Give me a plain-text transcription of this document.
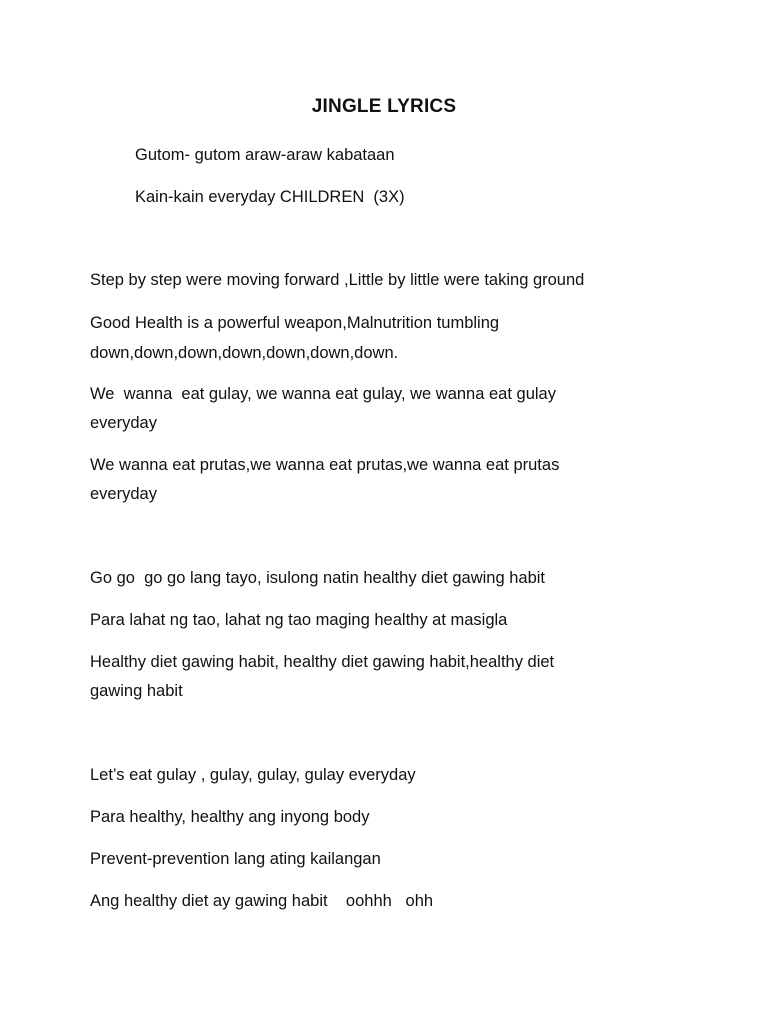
JINGLE LYRICS
Gutom- gutom araw-araw kabataan
Kain-kain everyday CHILDREN  (3X)
Step by step were moving forward ,Little by little were taking ground
Good Health is a powerful weapon,Malnutrition tumbling
down,down,down,down,down,down,down.
We  wanna  eat gulay, we wanna eat gulay, we wanna eat gulay
everyday
We wanna eat prutas,we wanna eat prutas,we wanna eat prutas
everyday
Go go  go go lang tayo, isulong natin healthy diet gawing habit
Para lahat ng tao, lahat ng tao maging healthy at masigla
Healthy diet gawing habit, healthy diet gawing habit,healthy diet
gawing habit
Let’s eat gulay , gulay, gulay, gulay everyday
Para healthy, healthy ang inyong body
Prevent-prevention lang ating kailangan
Ang healthy diet ay gawing habit    oohhh   ohh
